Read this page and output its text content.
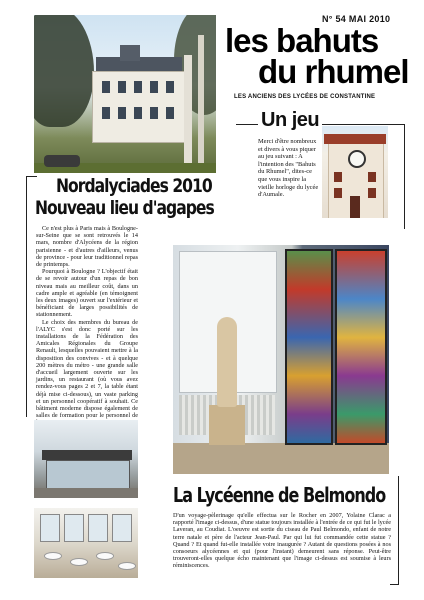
N° 54 MAI 2010
les bahuts
du rhumel
LES ANCIENS DES LYCÉES DE CONSTANTINE
Un jeu
Merci d'être nombreux et divers à vous piquer au jeu suivant : A l'intention des "Bahuts du Rhumel", dites-ce que vous inspire la vieille horloge du lycée d'Aumale.
Nordalyciades 2010
Nouveau lieu d'agapes

Ce n'est plus à Paris mais à Boulogne-sur-Seine que se sont retrouvés le 14 mars, nombre d'Alycéens de la région parisienne - et d'autres d'ailleurs, venus de province - pour leur traditionnel repas de printemps.

Pourquoi à Boulogne ? L'objectif était de se revoir autour d'un repas de bon niveau mais au meilleur coût, dans un cadre ample et agréable (en témoignent les deux images) ouvert sur l'extérieur et bénéficiant de larges possibilités de stationnement.

Le choix des membres du bureau de l'ALYC s'est donc porté sur les installations de la Fédération des Amicales Régionales du Groupe Renault, lesquelles pouvaient mettre à la disposition des convives - et à quelque 200 mètres du métro - une grande salle d'accueil largement ouverte sur les jardins, un restaurant (où vous avez rendez-vous pages 2 et 7, la table étant déjà mise ci-dessous), un vaste parking et un personnel coopératif à souhait. Ce bâtiment moderne dispose également de salles de formation pour le personnel de

La Lycéenne de Belmondo
D'un voyage-pèlerinage qu'elle effectua sur le Rocher en 2007, Yolaine Clarac a rapporté l'image ci-dessus, d'une statue toujours installée à l'entrée de ce qui fut le lycée Laveran, au Coudiat. L'oeuvre est sortie du ciseau de Paul Belmondo, enfant de notre terre natale et père de l'acteur Jean-Paul. Par qui lui fut commandée cette statue ? Quand ? Et quand fut-elle installée voire inaugurée ? Autant de questions posées à nos consoeurs alycéennes et qui (pour l'instant) demeurent sans réponse. Peut-être trouveront-elles quelque écho maintenant que l'image ci-dessus est soumise à leurs réminiscences.
